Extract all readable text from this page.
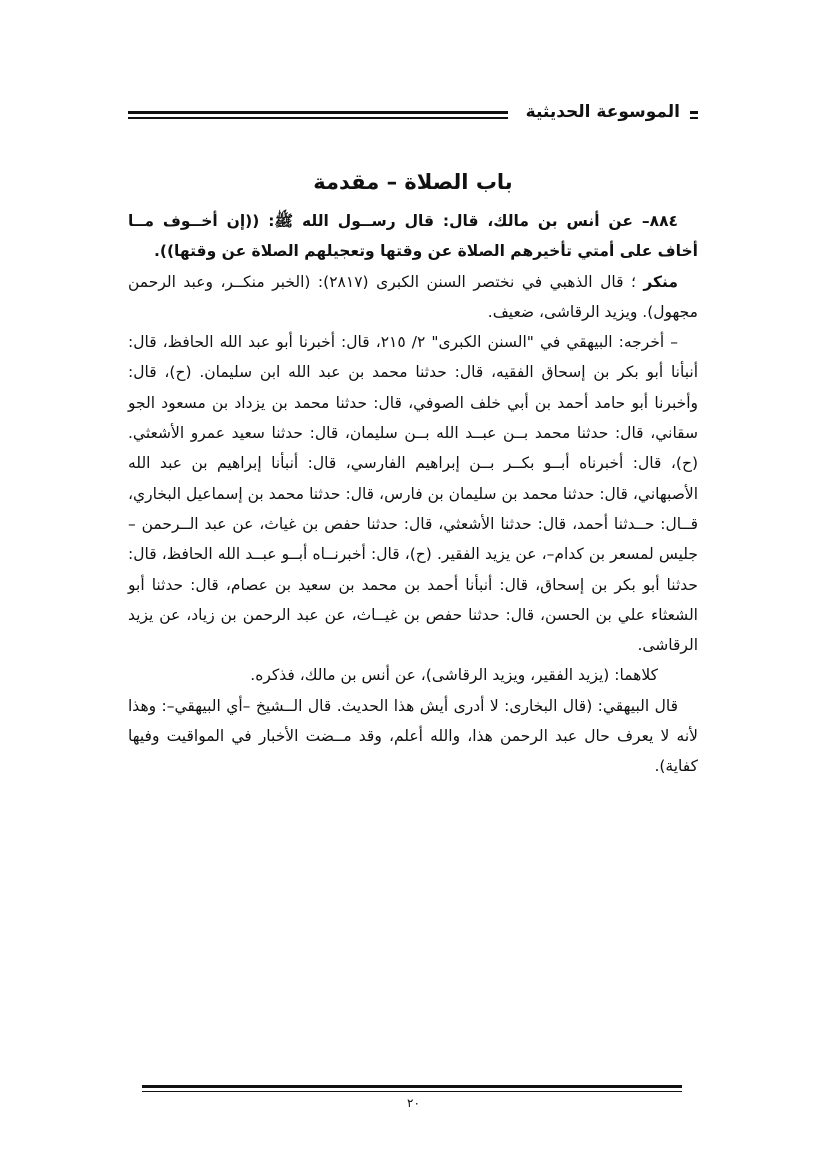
الموسوعة الحديثية
باب الصلاة – مقدمة

٨٨٤– عن أنس بن مالك، قال: قال رســول الله ﷺ: ((إن أخــوف مــا أخاف على أمتي تأخيرهم الصلاة عن وقتها وتعجيلهم الصلاة عن وقتها)).

منكر ؛ قال الذهبي في نختصر السنن الكبرى (٢٨١٧): (الخبر منكــر، وعبد الرحمن مجهول). ويزيد الرقاشى، ضعيف.

– أخرجه: البيهقي في "السنن الكبرى" ٢/ ٢١٥، قال: أخبرنا أبو عبد الله الحافظ، قال: أنبأنا أبو بكر بن إسحاق الفقيه، قال: حدثنا محمد بن عبد الله ابن سليمان. (ح)، قال: وأخبرنا أبو حامد أحمد بن أبي خلف الصوفي، قال: حدثنا محمد بن يزداد بن مسعود الجو سقاني، قال: حدثنا محمد بــن عبــد الله بــن سليمان، قال: حدثنا سعيد عمرو الأشعثي. (ح)، قال: أخبرناه أبــو بكــر بــن إبراهيم الفارسي، قال: أنبأنا إبراهيم بن عبد الله الأصبهاني، قال: حدثنا محمد بن سليمان بن فارس، قال: حدثنا محمد بن إسماعيل البخاري، قــال: حــدثنا أحمد، قال: حدثنا الأشعثي، قال: حدثنا حفص بن غياث، عن عبد الــرحمن – جليس لمسعر بن كدام–، عن يزيد الفقير. (ح)، قال: أخبرنــاه أبــو عبــد الله الحافظ، قال: حدثنا أبو بكر بن إسحاق، قال: أنبأنا أحمد بن محمد بن سعيد بن عصام، قال: حدثنا أبو الشعثاء علي بن الحسن، قال: حدثنا حفص بن غيــاث، عن عبد الرحمن بن زياد، عن يزيد الرقاشى.

كلاهما: (يزيد الفقير، ويزيد الرقاشى)، عن أنس بن مالك، فذكره.

قال البيهقي: (قال البخارى: لا أدرى أيش هذا الحديث. قال الــشيخ –أي البيهقي–: وهذا لأنه لا يعرف حال عبد الرحمن هذا، والله أعلم، وقد مــضت الأخبار في المواقيت وفيها كفاية).

٢٠
